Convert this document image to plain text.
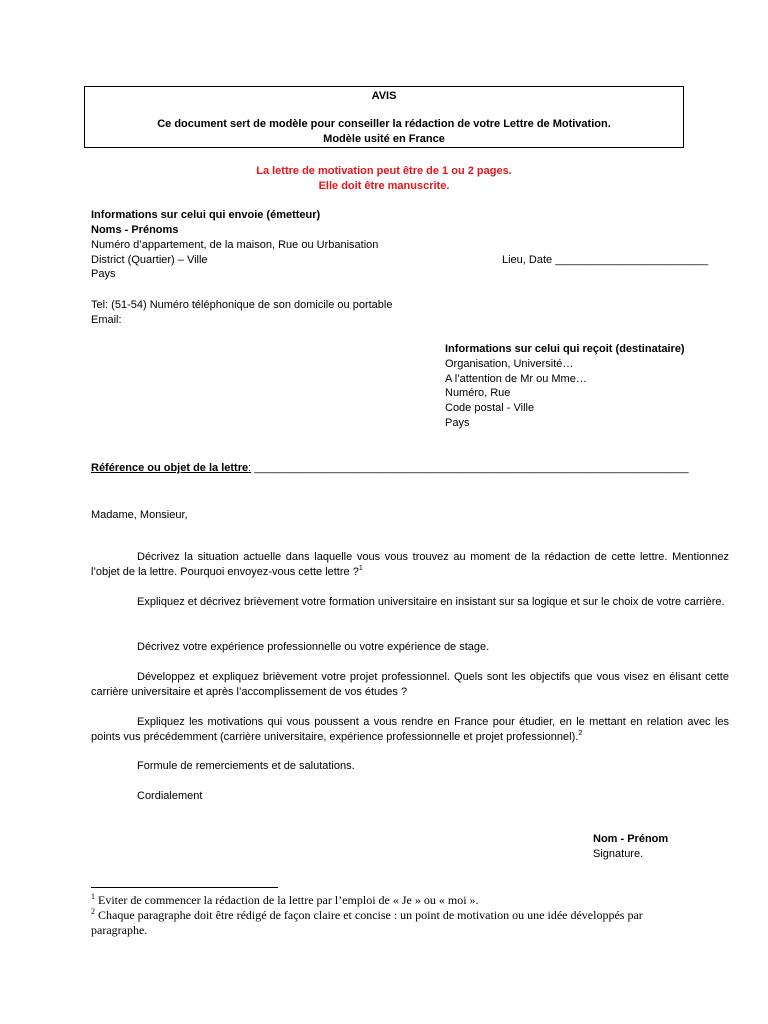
AVIS
Ce document sert de modèle pour conseiller la rédaction de votre Lettre de Motivation.
Modèle usité en France
La lettre de motivation peut être de 1 ou 2 pages.
Elle doit être manuscrite.
Informations sur celui qui envoie (émetteur)
Noms - Prénoms
Numéro d’appartement, de la maison, Rue ou Urbanisation
District (Quartier) – Ville
Pays
Tel: (51-54) Numéro téléphonique de son domicile ou portable
Email:
Lieu, Date _________________________
Informations sur celui qui reçoit (destinataire)
Organisation, Université…
A l’attention de Mr ou Mme…
Numéro, Rue
Code postal - Ville
Pays
Référence ou objet de la lettre: _______________________________________________________________________
Madame, Monsieur,
Décrivez la situation actuelle dans laquelle vous vous trouvez au moment de la rédaction de cette lettre. Mentionnez l’objet de la lettre. Pourquoi envoyez-vous cette lettre ?$^1$
Expliquez et décrivez brièvement votre formation universitaire en insistant sur sa logique et sur le choix de votre carrière.
Décrivez votre expérience professionnelle ou votre expérience de stage.
Développez et expliquez brièvement votre projet professionnel. Quels sont les objectifs que vous visez en élisant cette carrière universitaire et après l’accomplissement de vos études ?
Expliquez les motivations qui vous poussent a vous rendre en France pour étudier, en le mettant en relation avec les points vus précédemment (carrière universitaire, expérience professionnelle et projet professionnel).$^2$
Formule de remerciements et de salutations.
Cordialement
Nom - Prénom
Signature.
$^1$ Eviter de commencer la rédaction de la lettre par l’emploi de « Je » ou « moi ».
$^2$ Chaque paragraphe doit être rédigé de façon claire et concise : un point de motivation ou une idée développés par paragraphe.
